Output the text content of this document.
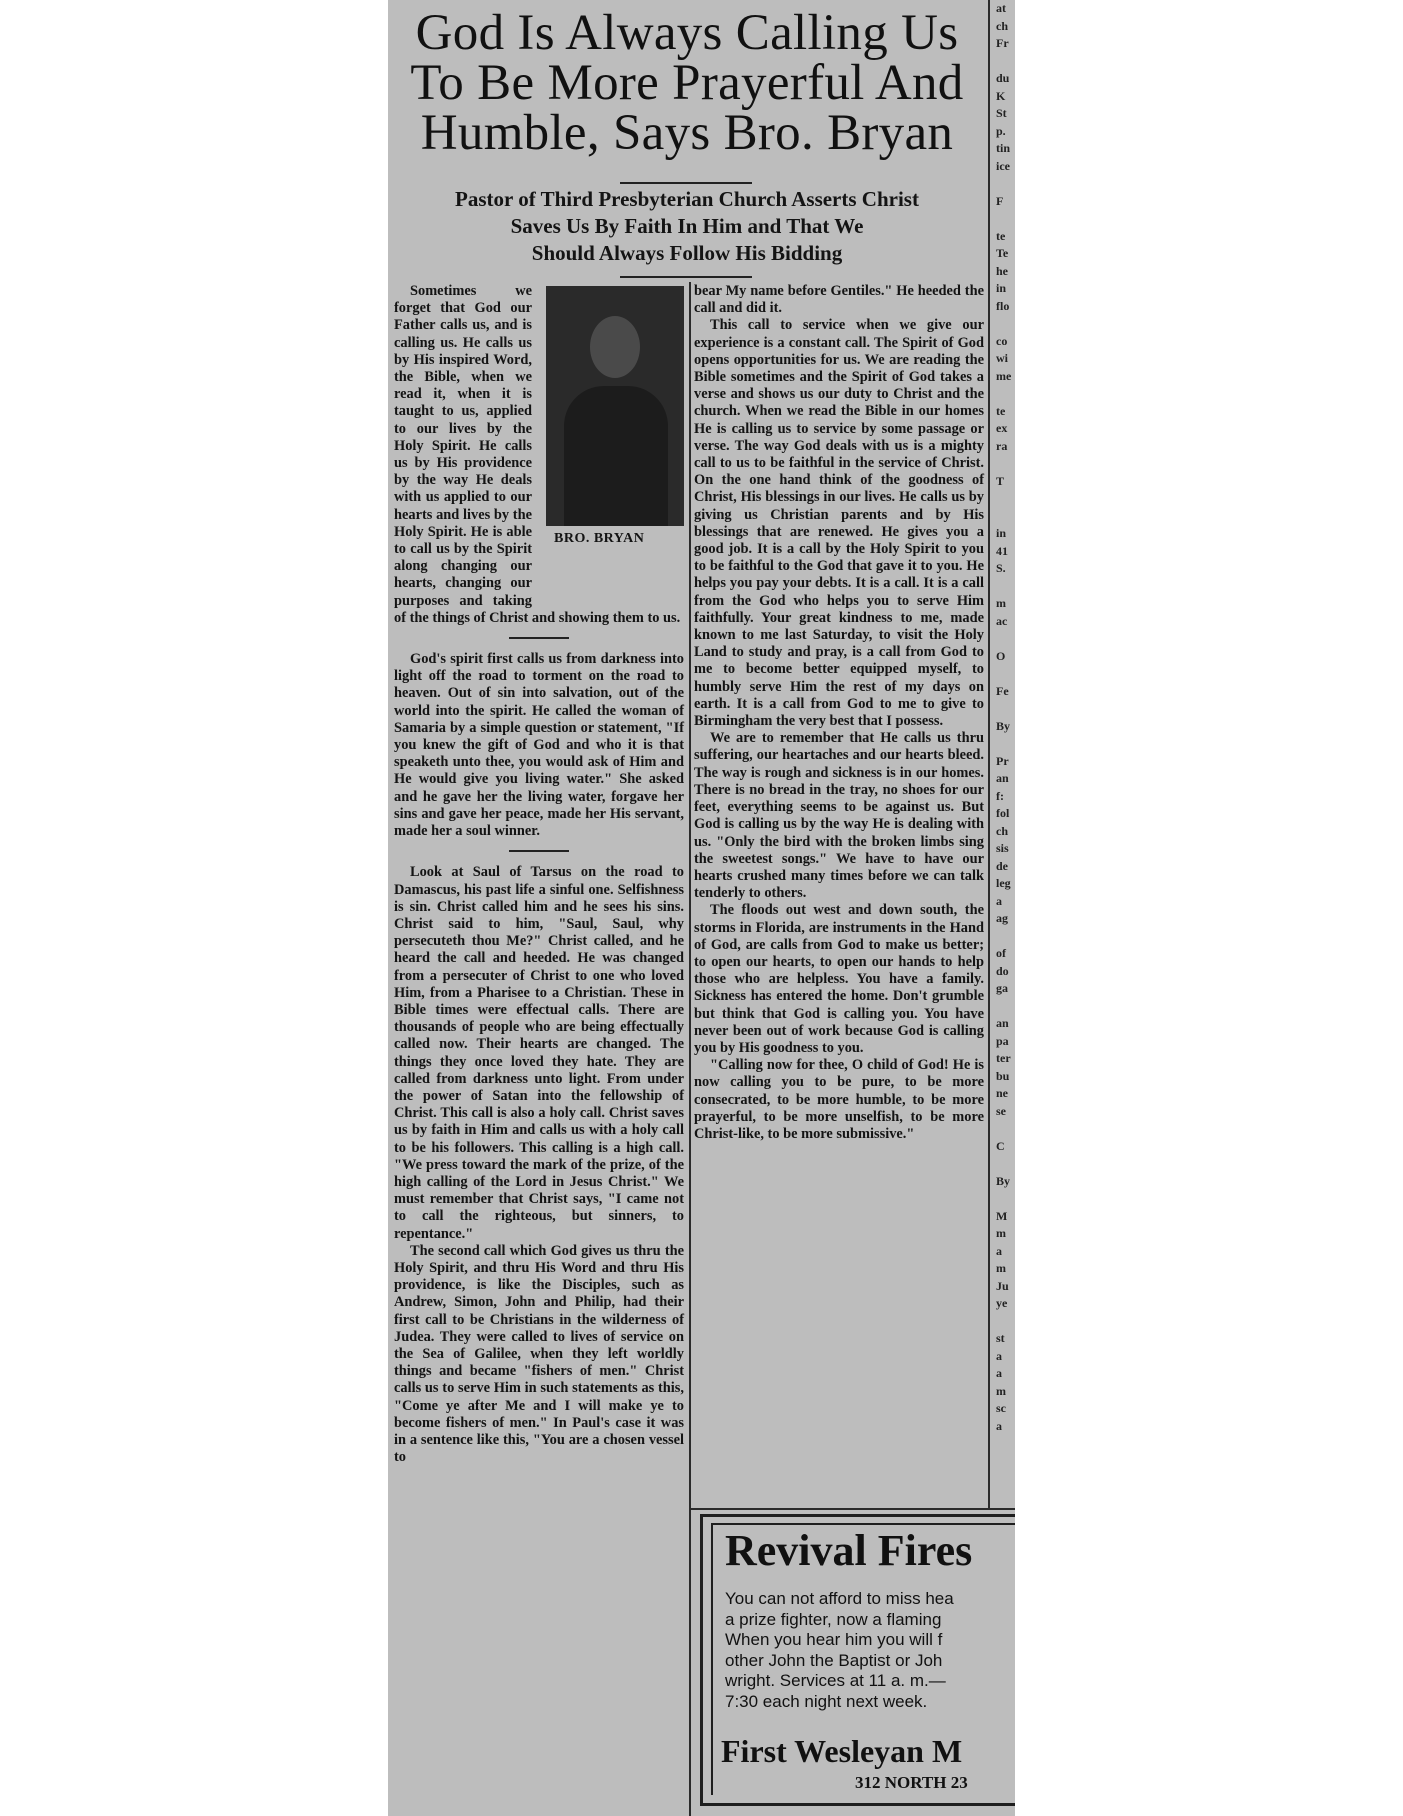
God Is Always Calling Us
To Be More Prayerful And
Humble, Says Bro. Bryan
Pastor of Third Presbyterian Church Asserts Christ
Saves Us By Faith In Him and That We
Should Always Follow His Bidding
BRO. BRYAN

Sometimes we forget that God our Father calls us, and is calling us. He calls us by His inspired Word, the Bible, when we read it, when it is taught to us, applied to our lives by the Holy Spirit. He calls us by His providence by the way He deals with us applied to our hearts and lives by the Holy Spirit. He is able to call us by the Spirit along changing our hearts, changing our purposes and taking of the things of Christ and showing them to us.

God's spirit first calls us from darkness into light off the road to torment on the road to heaven. Out of sin into salvation, out of the world into the spirit. He called the woman of Samaria by a simple question or statement, "If you knew the gift of God and who it is that speaketh unto thee, you would ask of Him and He would give you living water." She asked and he gave her the living water, forgave her sins and gave her peace, made her His servant, made her a soul winner.

Look at Saul of Tarsus on the road to Damascus, his past life a sinful one. Selfishness is sin. Christ called him and he sees his sins. Christ said to him, "Saul, Saul, why persecuteth thou Me?" Christ called, and he heard the call and heeded. He was changed from a persecuter of Christ to one who loved Him, from a Pharisee to a Christian. These in Bible times were effectual calls. There are thousands of people who are being effectually called now. Their hearts are changed. The things they once loved they hate. They are called from darkness unto light. From under the power of Satan into the fellowship of Christ. This call is also a holy call. Christ saves us by faith in Him and calls us with a holy call to be his followers. This calling is a high call. "We press toward the mark of the prize, of the high calling of the Lord in Jesus Christ." We must remember that Christ says, "I came not to call the righteous, but sinners, to repentance."

The second call which God gives us thru the Holy Spirit, and thru His Word and thru His providence, is like the Disciples, such as Andrew, Simon, John and Philip, had their first call to be Christians in the wilderness of Judea. They were called to lives of service on the Sea of Galilee, when they left worldly things and became "fishers of men." Christ calls us to serve Him in such statements as this, "Come ye after Me and I will make ye to become fishers of men." In Paul's case it was in a sentence like this, "You are a chosen vessel to

bear My name before Gentiles." He heeded the call and did it.

This call to service when we give our experience is a constant call. The Spirit of God opens opportunities for us. We are reading the Bible sometimes and the Spirit of God takes a verse and shows us our duty to Christ and the church. When we read the Bible in our homes He is calling us to service by some passage or verse. The way God deals with us is a mighty call to us to be faithful in the service of Christ. On the one hand think of the goodness of Christ, His blessings in our lives. He calls us by giving us Christian parents and by His blessings that are renewed. He gives you a good job. It is a call by the Holy Spirit to you to be faithful to the God that gave it to you. He helps you pay your debts. It is a call. It is a call from the God who helps you to serve Him faithfully. Your great kindness to me, made known to me last Saturday, to visit the Holy Land to study and pray, is a call from God to me to become better equipped myself, to humbly serve Him the rest of my days on earth. It is a call from God to me to give to Birmingham the very best that I possess.

We are to remember that He calls us thru suffering, our heartaches and our hearts bleed. The way is rough and sickness is in our homes. There is no bread in the tray, no shoes for our feet, everything seems to be against us. But God is calling us by the way He is dealing with us. "Only the bird with the broken limbs sing the sweetest songs." We have to have our hearts crushed many times before we can talk tenderly to others.

The floods out west and down south, the storms in Florida, are instruments in the Hand of God, are calls from God to make us better; to open our hearts, to open our hands to help those who are helpless. You have a family. Sickness has entered the home. Don't grumble but think that God is calling you. You have never been out of work because God is calling you by His goodness to you.

"Calling now for thee, O child of God! He is now calling you to be pure, to be more consecrated, to be more humble, to be more prayerful, to be more unselfish, to be more Christ-like, to be more submissive."

Revival Fires
You can not afford to miss hea
a prize fighter, now a flaming
When you hear him you will f
other John the Baptist or Joh
wright. Services at 11 a. m.—
7:30 each night next week.
First Wesleyan M
312 NORTH 23
at
ch
Fr

du
K
St
p.
tin
ice

F

te
Te
he
in
flo

co
wi
me

te
ex
ra

T

in
41
S.

m
ac

O

Fe

By

Pr
an
f:
fol
ch
sis
de
leg
a
ag

of
do
ga

an
pa
ter
bu
ne
se

C

By

M
m
a
m
Ju
ye

st
a
a
m
sc
a
